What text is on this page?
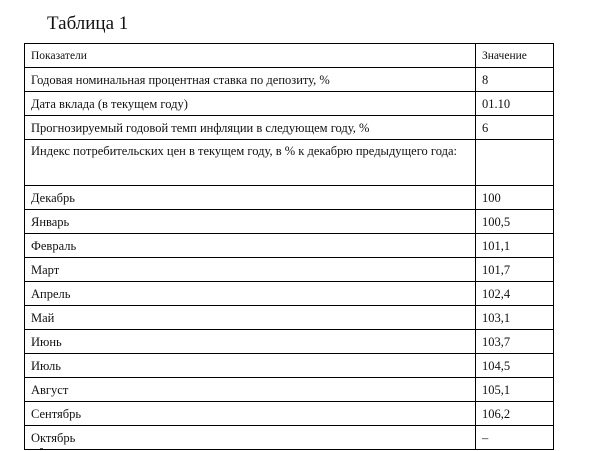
Таблица 1
Показатели	Значение
Годовая номинальная процентная ставка по депозиту, %	8
Дата вклада (в текущем году)	01.10
Прогнозируемый годовой темп инфляции в следующем году, %	6
Индекс потребительских цен в текущем году, в % к декабрю предыдущего года:	
Декабрь	100
Январь	100,5
Февраль	101,1
Март	101,7
Апрель	102,4
Май	103,1
Июнь	103,7
Июль	104,5
Август	105,1
Сентябрь	106,2
Октябрь	–
